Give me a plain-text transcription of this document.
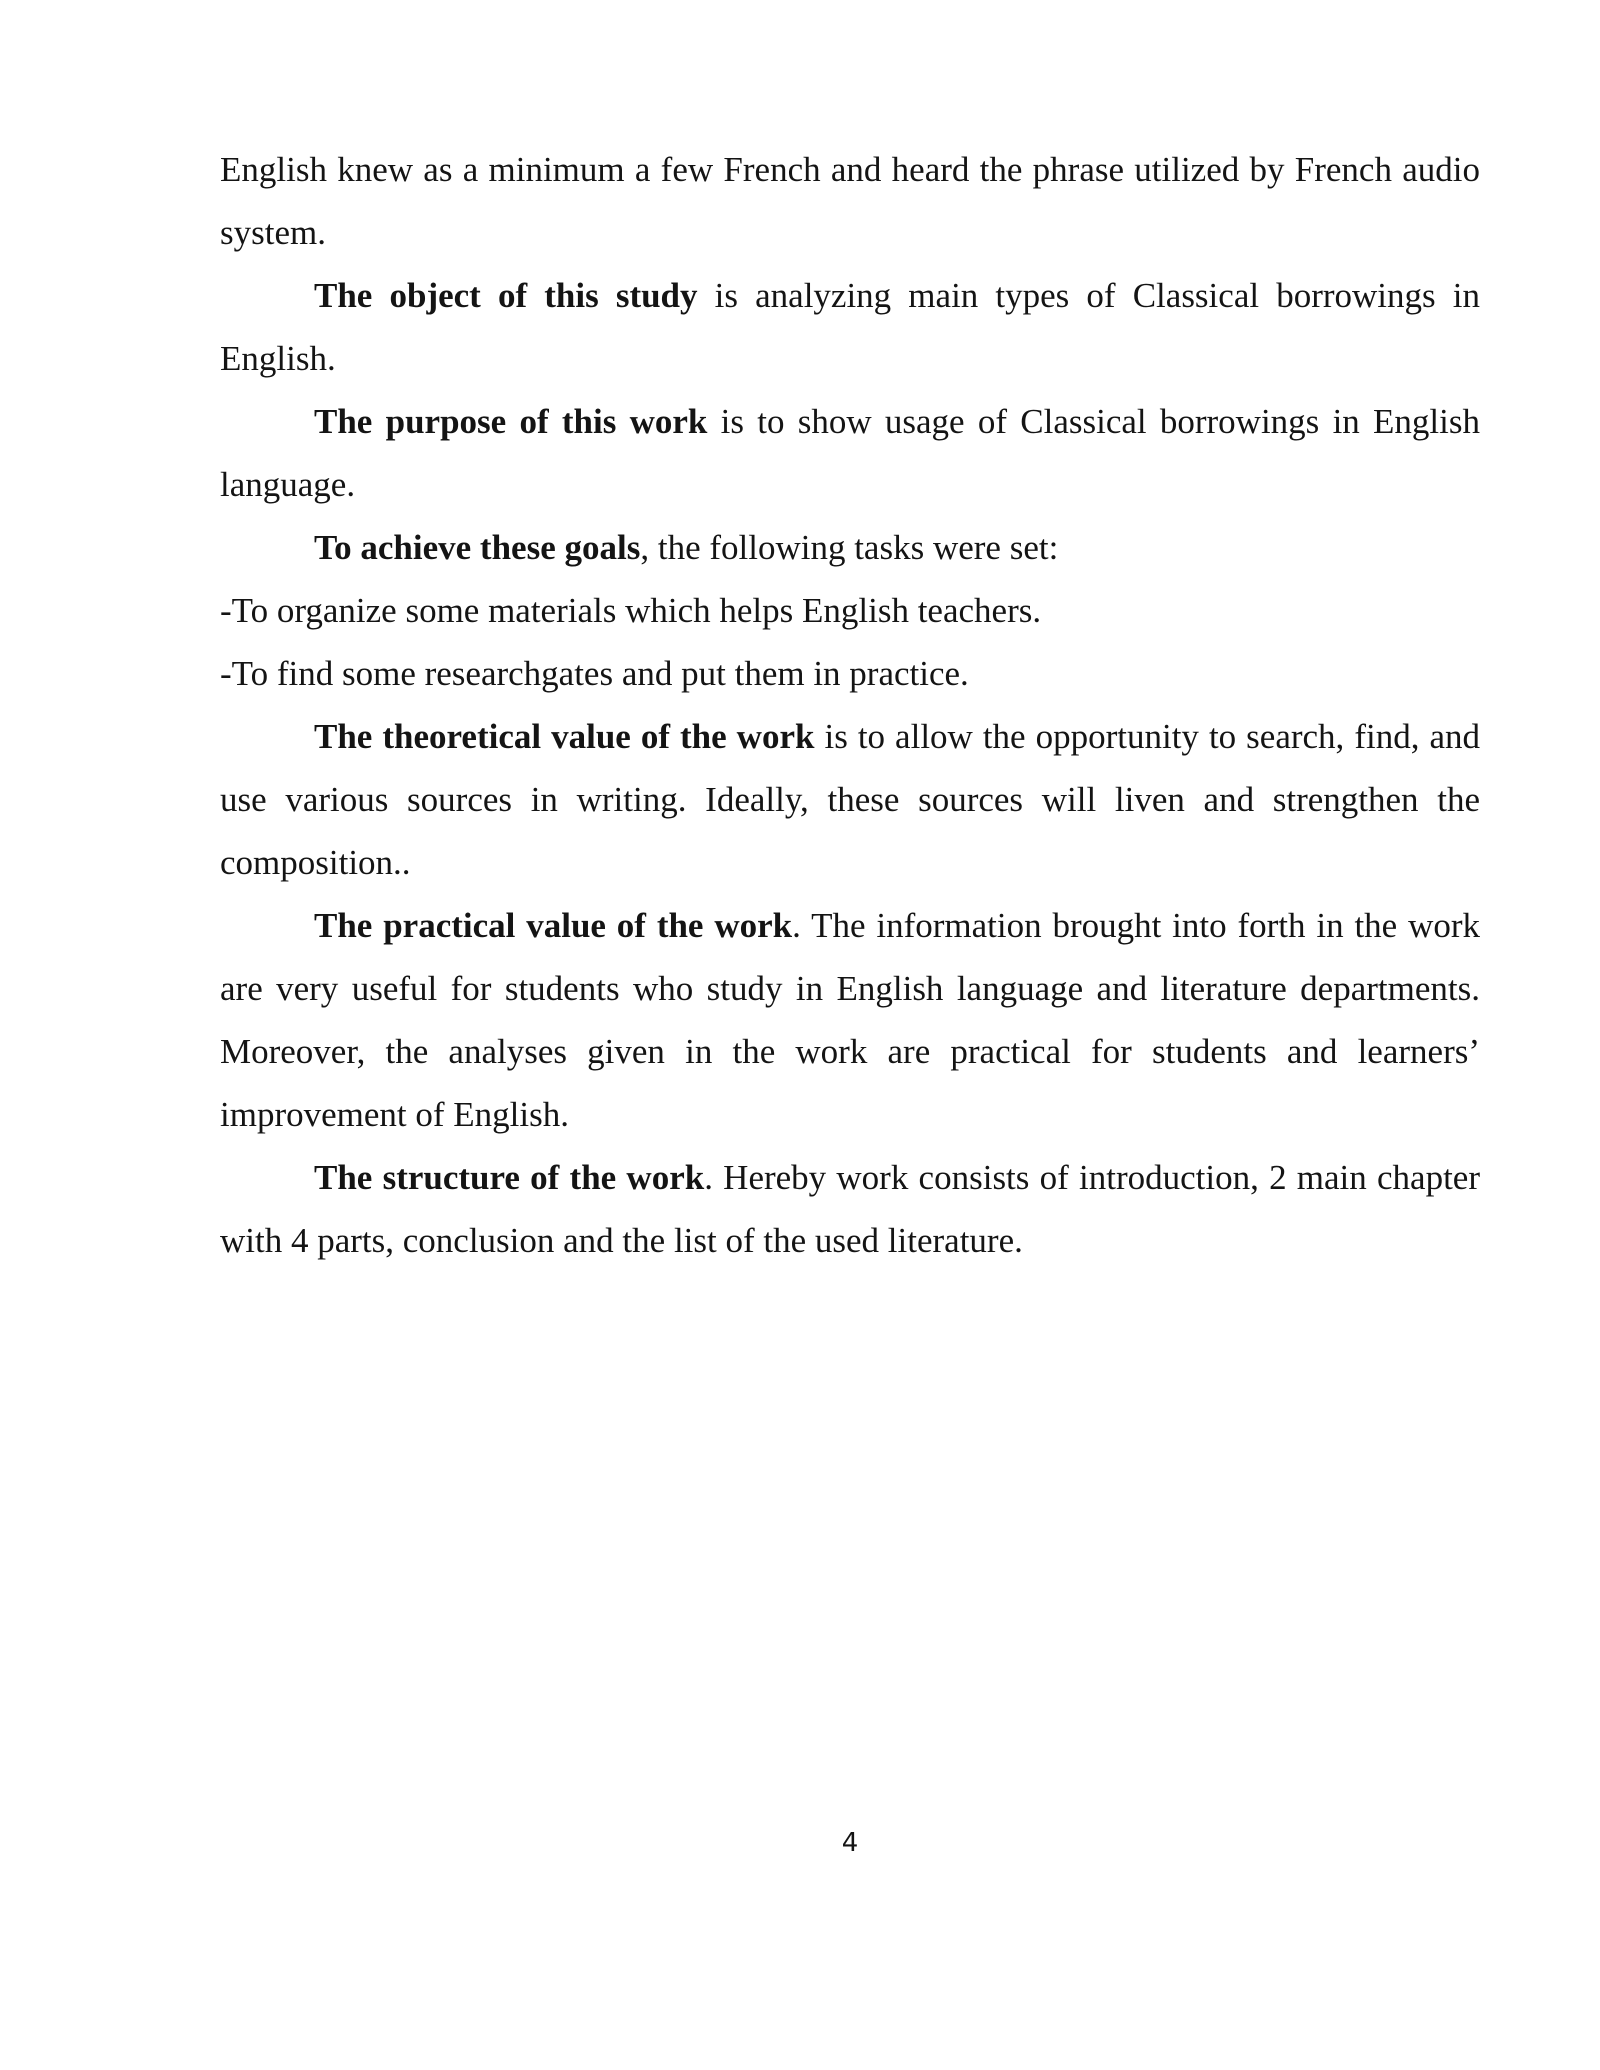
English knew as a minimum a few French and heard the phrase utilized by French audio system.

The object of this study is analyzing main types of Classical borrowings in English.

The purpose of this work is to show usage of Classical borrowings in English language.

To achieve these goals, the following tasks were set:

-To organize some materials which helps English teachers.

-To find some researchgates and put them in practice.

The theoretical value of the work is to allow the opportunity to search, find, and use various sources in writing. Ideally, these sources will liven and strengthen the composition..

The practical value of the work. The information brought into forth in the work are very useful for students who study in English language and literature departments. Moreover, the analyses given in the work are practical for students and learners’ improvement of English.

The structure of the work. Hereby work consists of introduction, 2 main chapter with 4 parts, conclusion and the list of the used literature.

4
